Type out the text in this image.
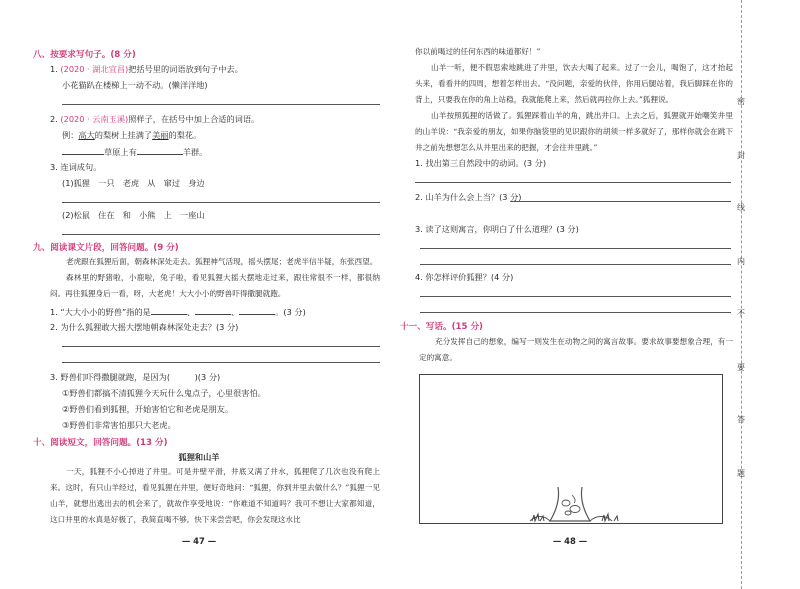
八、按要求写句子。(8 分)
1. (2020 · 湖北宜昌)把括号里的词语放到句子中去。
小花猫趴在楼梯上一动不动。(懒洋洋地)
2. (2020 · 云南玉溪)照样子，在括号中加上合适的词语。
例：高大的梨树上挂满了美丽的梨花。
草原上有	羊群。
3. 连词成句。
(1)狐狸　一只　老虎　从　窜过　身边
(2)松鼠　住在　和　小熊　上　一座山
九、阅读课文片段，回答问题。(9 分)
老虎跟在狐狸后面，朝森林深处走去。狐狸神气活现，摇头摆尾；老虎半信半疑，东张西望。
森林里的野猪啦，小鹿啦，兔子啦，看见狐狸大摇大摆地走过来，跟往常很不一样，都很纳闷。再往狐狸身后一看，呀，大老虎！大大小小的野兽吓得撒腿就跑。
1. “大大小小的野兽”指的是	、	、	。(3 分)
2. 为什么狐狸敢大摇大摆地朝森林深处走去？(3 分)
3. 野兽们吓得撒腿就跑，是因为(　　　)(3 分)
①野兽们都搞不清狐狸今天玩什么鬼点子，心里很害怕。
②野兽们看到狐狸，开始害怕它和老虎是朋友。
③野兽们非常害怕那只大老虎。
十、阅读短文，回答问题。(13 分)
狐狸和山羊
一天，狐狸不小心掉进了井里。可是井壁平滑，井底又满了井水，狐狸爬了几次也没有爬上来。这时，有只山羊经过，看见狐狸在井里，便好奇地问：“狐狸，你到井里去做什么？”狐狸一见山羊，就想出逃出去的机会来了，就故作享受地说：“你难道不知道吗？我可不想让大家都知道，这口井里的水真是好极了，我简直喝不够。快下来尝尝吧，你会发现这水比
— 47 —
你以前喝过的任何东西的味道都好！”
山羊一听，便不假思索地跳进了井里，饮去大喝了起来。过了一会儿，喝饱了，这才抬起头来，看看井的四周，想着怎样出去。“没问题，亲爱的伙伴，你用后腿站着，我后脚踩在你的背上，只要我在你的角上站稳，我就能爬上来，然后就再拉你上去。”狐狸说。
山羊按照狐狸的话做了。狐狸踩着山羊的角，跳出井口。上去之后，狐狸就开始嘲笑井里的山羊说：“我亲爱的朋友，如果你脑袋里的见识跟你的胡须一样多就好了，那样你就会在跳下井之前先想想怎么从井里出来的把握，才会往井里跳。”
1. 找出第三自然段中的动词。(3 分)
2. 山羊为什么会上当？(3 分)
3. 读了这则寓言，你明白了什么道理？(3 分)
4. 你怎样评价狐狸？(4 分)
十一、写话。(15 分)
充分发挥自己的想象，编写一则发生在动物之间的寓言故事。要求故事要想象合理，有一定的寓意。
— 48 —
密
封
线
内
不
要
答
题
